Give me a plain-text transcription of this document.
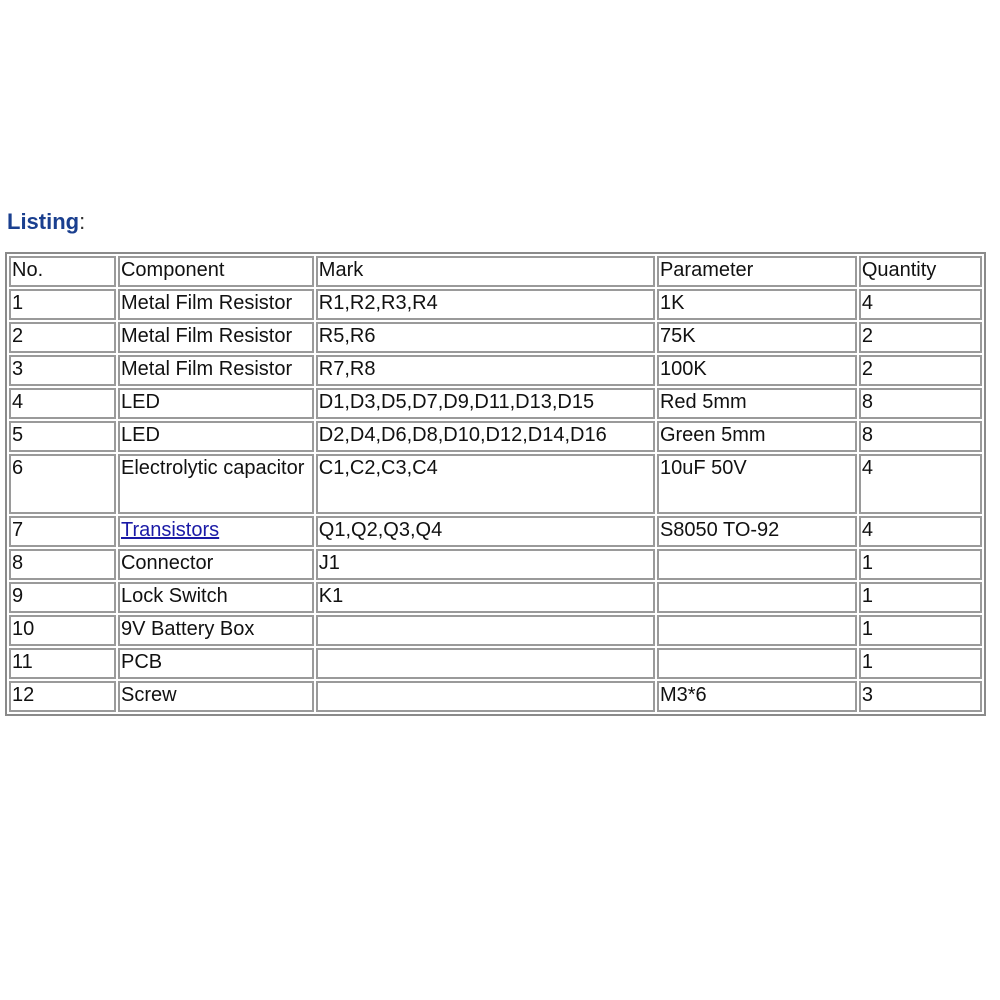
Listing:
No.	Component	Mark	Parameter	Quantity
1	Metal Film Resistor	R1,R2,R3,R4	1K	4
2	Metal Film Resistor	R5,R6	75K	2
3	Metal Film Resistor	R7,R8	100K	2
4	LED	D1,D3,D5,D7,D9,D11,D13,D15	Red 5mm	8
5	LED	D2,D4,D6,D8,D10,D12,D14,D16	Green 5mm	8
6	Electrolytic capacitor	C1,C2,C3,C4	10uF 50V	4
7	Transistors	Q1,Q2,Q3,Q4	S8050 TO-92	4
8	Connector	J1		1
9	Lock Switch	K1		1
10	9V Battery Box			1
11	PCB			1
12	Screw		M3*6	3
